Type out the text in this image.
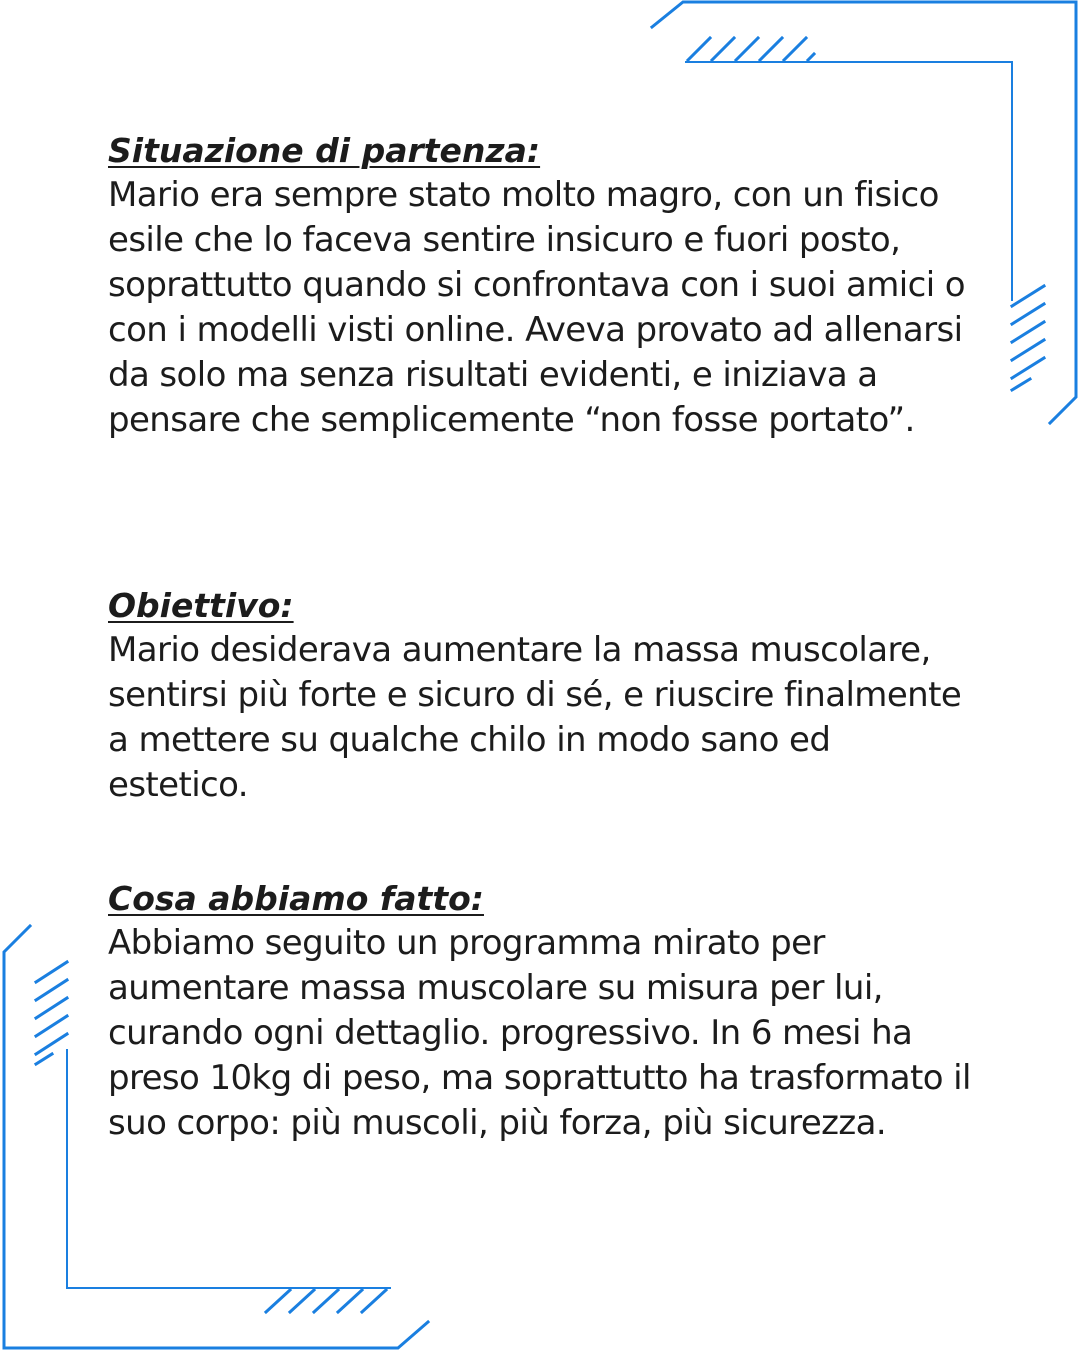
Situazione di partenza:

Mario era sempre stato molto magro, con un fisico esile che lo faceva sentire insicuro e fuori posto, soprattutto quando si confrontava con i suoi amici o con i modelli visti online. Aveva provato ad allenarsi da solo ma senza risultati evidenti, e iniziava a pensare che semplicemente “non fosse portato”.

Obiettivo:

Mario desiderava aumentare la massa muscolare, sentirsi più forte e sicuro di sé, e riuscire finalmente a mettere su qualche chilo in modo sano ed estetico.

Cosa abbiamo fatto:

Abbiamo seguito un programma mirato per aumentare massa muscolare su misura per lui, curando ogni dettaglio. progressivo. In 6 mesi ha preso 10kg di peso, ma soprattutto ha trasformato il suo corpo: più muscoli, più forza, più sicurezza.
